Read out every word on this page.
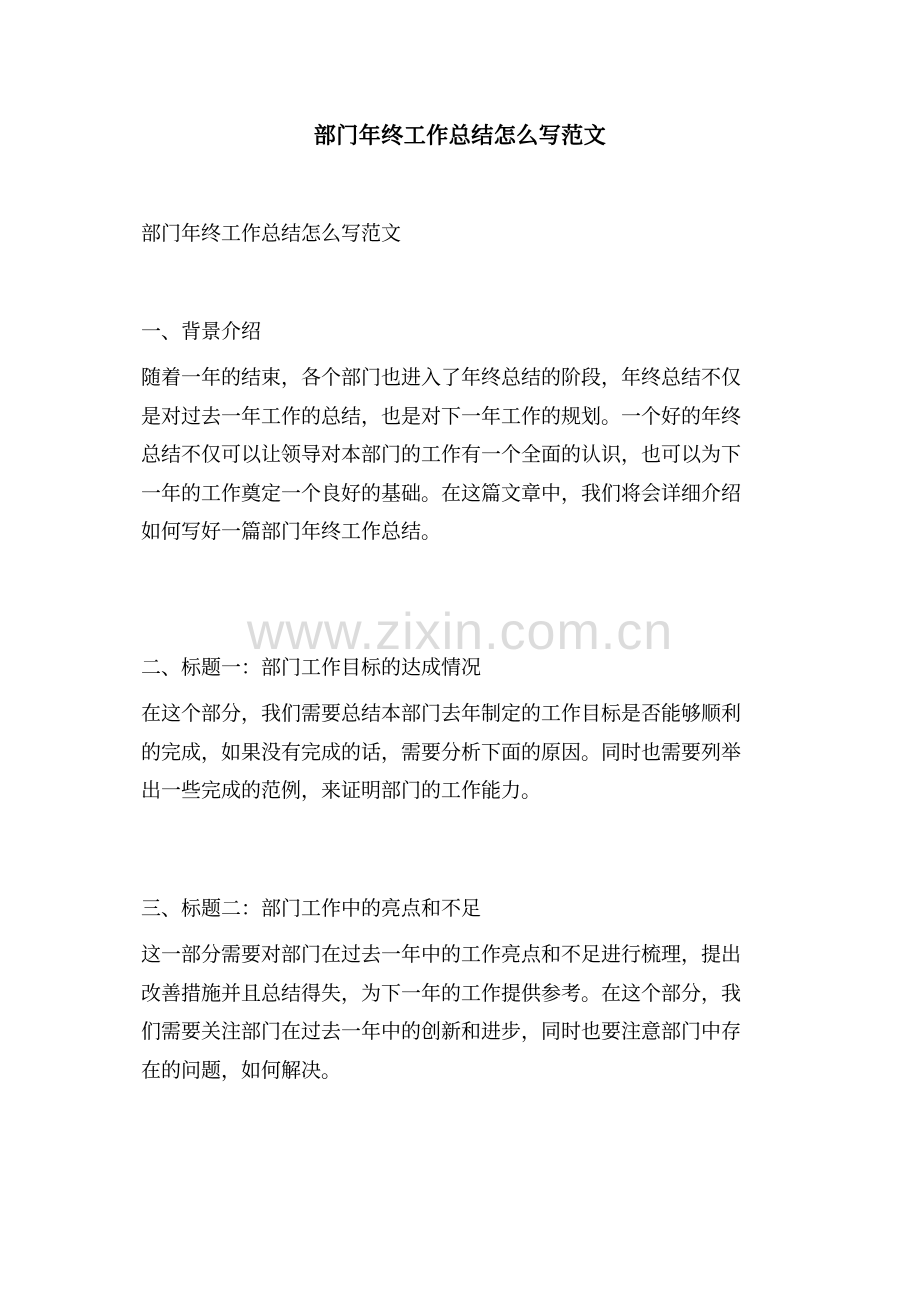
www.zixin.com.cn
部门年终工作总结怎么写范文
部门年终工作总结怎么写范文
一、背景介绍
随着一年的结束，各个部门也进入了年终总结的阶段，年终总结不仅
是对过去一年工作的总结，也是对下一年工作的规划。一个好的年终
总结不仅可以让领导对本部门的工作有一个全面的认识，也可以为下
一年的工作奠定一个良好的基础。在这篇文章中，我们将会详细介绍
如何写好一篇部门年终工作总结。
二、标题一：部门工作目标的达成情况
在这个部分，我们需要总结本部门去年制定的工作目标是否能够顺利
的完成，如果没有完成的话，需要分析下面的原因。同时也需要列举
出一些完成的范例，来证明部门的工作能力。
三、标题二：部门工作中的亮点和不足
这一部分需要对部门在过去一年中的工作亮点和不足进行梳理，提出
改善措施并且总结得失，为下一年的工作提供参考。在这个部分，我
们需要关注部门在过去一年中的创新和进步，同时也要注意部门中存
在的问题，如何解决。
